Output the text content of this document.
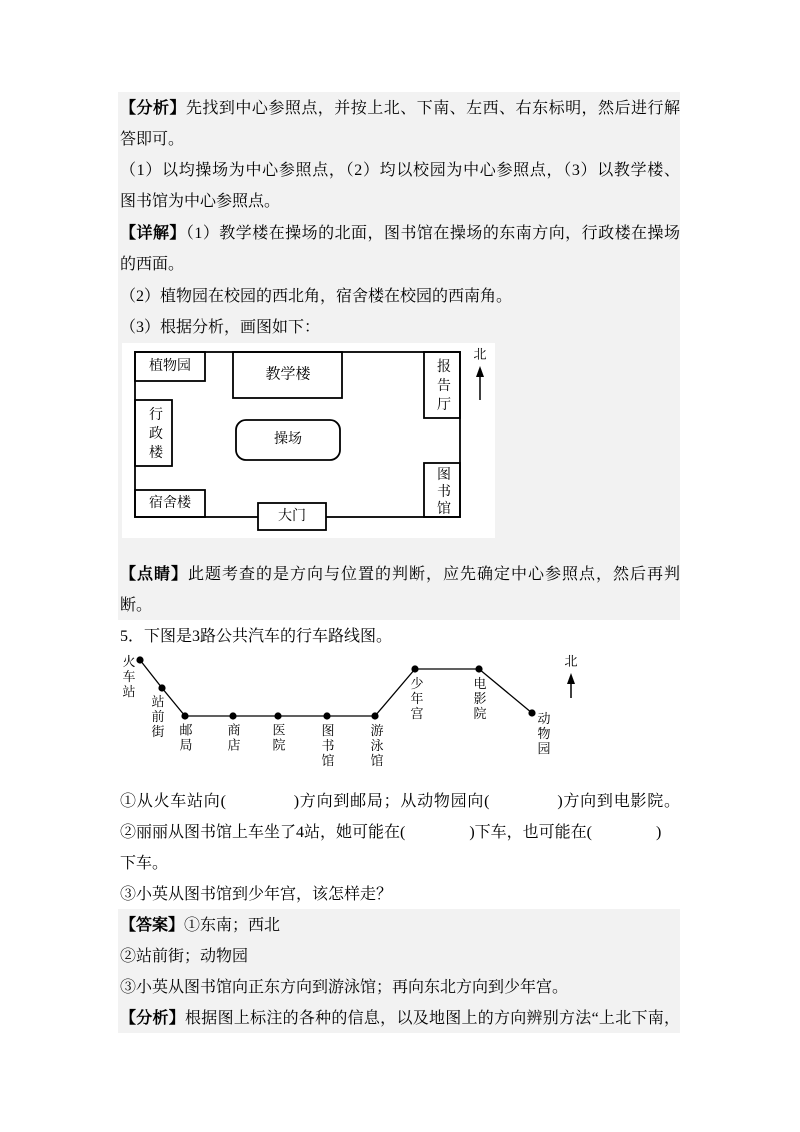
北
植物园	教学楼	报告厅
行政楼	操场
图书馆
宿舍楼
大门
北
火车站
站前街 邮局	商店 医院	图书馆	游泳馆
少年宫	电影院
动物园
【分析】先找到中心参照点，并按上北、下南、左西、右东标明，然后进行解
答即可。
（1）以均操场为中心参照点，（2）均以校园为中心参照点，（3）以教学楼、
图书馆为中心参照点。
【详解】（1）教学楼在操场的北面，图书馆在操场的东南方向，行政楼在操场
的西面。
（2）植物园在校园的西北角，宿舍楼在校园的西南角。
（3）根据分析，画图如下：
【点睛】此题考查的是方向与位置的判断，应先确定中心参照点，然后再判
断。
5．下图是3路公共汽车的行车路线图。
①从火车站向(　　　　)方向到邮局；从动物园向(　　　　)方向到电影院。
②丽丽从图书馆上车坐了4站，她可能在(　　　　)下车，也可能在(　　　　)
下车。
③小英从图书馆到少年宫，该怎样走？
【答案】①东南；西北
②站前街；动物园
③小英从图书馆向正东方向到游泳馆；再向东北方向到少年宫。
【分析】根据图上标注的各种的信息，以及地图上的方向辨别方法“上北下南，
